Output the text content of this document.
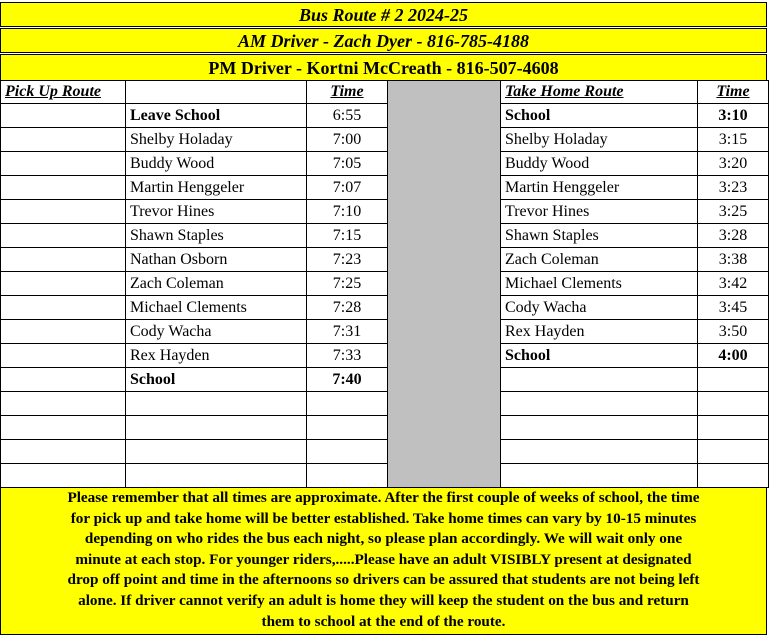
Bus Route # 2 2024-25
AM Driver - Zach Dyer - 816-785-4188
PM Driver - Kortni McCreath - 816-507-4608
Pick Up Route		Time		Take Home Route	Time
	Leave School	6:55		School	3:10
	Shelby Holaday	7:00		Shelby Holaday	3:15
	Buddy Wood	7:05		Buddy Wood	3:20
	Martin Henggeler	7:07		Martin Henggeler	3:23
	Trevor Hines	7:10		Trevor Hines	3:25
	Shawn Staples	7:15		Shawn Staples	3:28
	Nathan Osborn	7:23		Zach Coleman	3:38
	Zach Coleman	7:25		Michael Clements	3:42
	Michael Clements	7:28		Cody Wacha	3:45
	Cody Wacha	7:31		Rex Hayden	3:50
	Rex Hayden	7:33		School	4:00
	School	7:40			

Please remember that all times are approximate. After the first couple of weeks of school, the time
for pick up and take home will be better established. Take home times can vary by 10-15 minutes
depending on who rides the bus each night, so please plan accordingly. We will wait only one
minute at each stop. For younger riders,.....Please have an adult VISIBLY present at designated
drop off point and time in the afternoons so drivers can be assured that students are not being left
alone. If driver cannot verify an adult is home they will keep the student on the bus and return
them to school at the end of the route.
